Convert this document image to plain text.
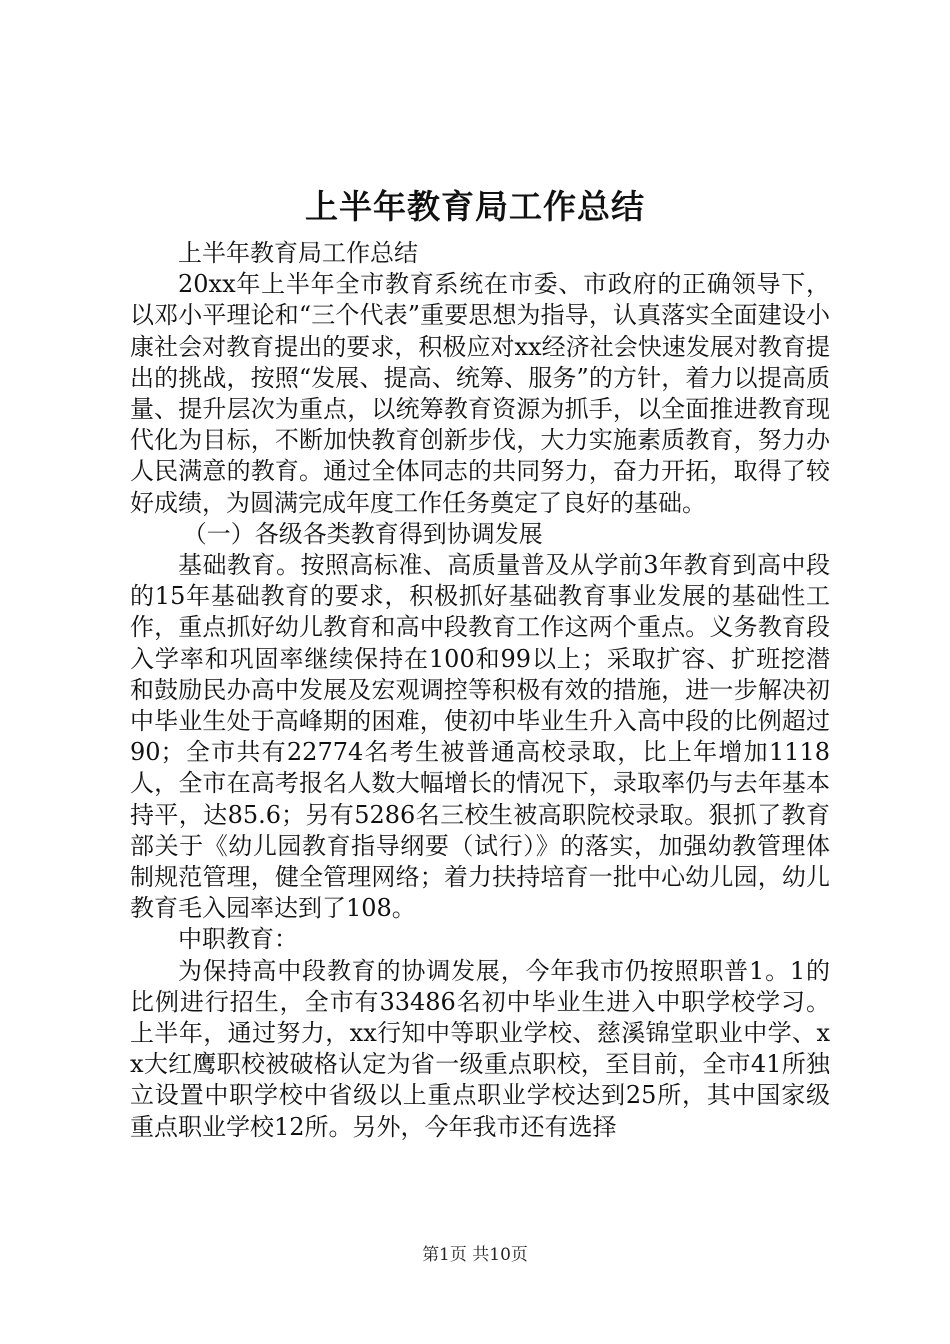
上半年教育局工作总结

上半年教育局工作总结

20xx年上半年全市教育系统在市委、市政府的正确领导下，以邓小平理论和“三个代表”重要思想为指导，认真落实全面建设小康社会对教育提出的要求，积极应对xx经济社会快速发展对教育提出的挑战，按照“发展、提高、统筹、服务”的方针，着力以提高质量、提升层次为重点，以统筹教育资源为抓手，以全面推进教育现代化为目标，不断加快教育创新步伐，大力实施素质教育，努力办人民满意的教育。通过全体同志的共同努力，奋力开拓，取得了较好成绩，为圆满完成年度工作任务奠定了良好的基础。

（一）各级各类教育得到协调发展

基础教育。按照高标准、高质量普及从学前3年教育到高中段的15年基础教育的要求，积极抓好基础教育事业发展的基础性工作，重点抓好幼儿教育和高中段教育工作这两个重点。义务教育段入学率和巩固率继续保持在100和99以上；采取扩容、扩班挖潜和鼓励民办高中发展及宏观调控等积极有效的措施，进一步解决初中毕业生处于高峰期的困难，使初中毕业生升入高中段的比例超过90；全市共有22774名考生被普通高校录取，比上年增加1118人，全市在高考报名人数大幅增长的情况下，录取率仍与去年基本持平，达85.6；另有5286名三校生被高职院校录取。狠抓了教育部关于《幼儿园教育指导纲要（试行）》的落实，加强幼教管理体制规范管理，健全管理网络；着力扶持培育一批中心幼儿园，幼儿教育毛入园率达到了108。

中职教育：

为保持高中段教育的协调发展，今年我市仍按照职普1。1的比例进行招生，全市有33486名初中毕业生进入中职学校学习。上半年，通过努力，xx行知中等职业学校、慈溪锦堂职业中学、xx大红鹰职校被破格认定为省一级重点职校，至目前，全市41所独立设置中职学校中省级以上重点职业学校达到25所，其中国家级重点职业学校12所。另外，今年我市还有选择

第1页 共10页
